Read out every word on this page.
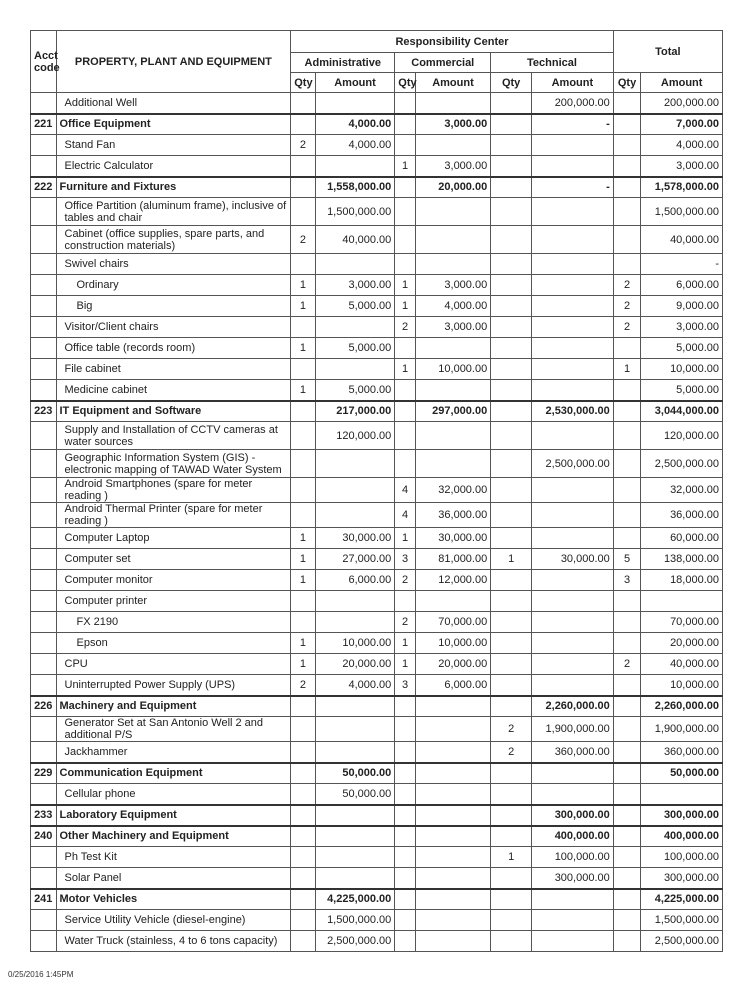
Acct code	PROPERTY, PLANT AND EQUIPMENT	Responsibility Center						Total	
		Administrative		Commercial		Technical			
		Qty	Amount	Qty	Amount	Qty	Amount	Qty	Amount
	Additional Well						200,000.00		200,000.00
221	Office Equipment		4,000.00		3,000.00		-		7,000.00
	Stand Fan	2	4,000.00						4,000.00
	Electric Calculator			1	3,000.00				3,000.00
222	Furniture and Fixtures		1,558,000.00		20,000.00		-		1,578,000.00
	Office Partition (aluminum frame), inclusive of tables and chair		1,500,000.00						1,500,000.00
	Cabinet (office supplies, spare parts, and construction materials)	2	40,000.00						40,000.00
	Swivel chairs								-
	Ordinary	1	3,000.00	1	3,000.00			2	6,000.00
	Big	1	5,000.00	1	4,000.00			2	9,000.00
	Visitor/Client chairs			2	3,000.00			2	3,000.00
	Office table (records room)	1	5,000.00						5,000.00
	File cabinet			1	10,000.00			1	10,000.00
	Medicine cabinet	1	5,000.00						5,000.00
223	IT Equipment and Software		217,000.00		297,000.00		2,530,000.00		3,044,000.00
	Supply and Installation of CCTV cameras at water sources		120,000.00						120,000.00
	Geographic Information System (GIS) - electronic mapping of TAWAD Water System						2,500,000.00		2,500,000.00
	Android Smartphones (spare for meter reading )			4	32,000.00				32,000.00
	Android Thermal Printer (spare for meter reading )			4	36,000.00				36,000.00
	Computer Laptop	1	30,000.00	1	30,000.00				60,000.00
	Computer set	1	27,000.00	3	81,000.00	1	30,000.00	5	138,000.00
	Computer monitor	1	6,000.00	2	12,000.00			3	18,000.00
	Computer printer								
	FX 2190			2	70,000.00				70,000.00
	Epson	1	10,000.00	1	10,000.00				20,000.00
	CPU	1	20,000.00	1	20,000.00			2	40,000.00
	Uninterrupted Power Supply (UPS)	2	4,000.00	3	6,000.00				10,000.00
226	Machinery and Equipment						2,260,000.00		2,260,000.00
	Generator Set at San Antonio Well 2 and additional P/S					2	1,900,000.00		1,900,000.00
	Jackhammer					2	360,000.00		360,000.00
229	Communication Equipment		50,000.00						50,000.00
	Cellular phone		50,000.00						
233	Laboratory Equipment						300,000.00		300,000.00
240	Other Machinery and Equipment						400,000.00		400,000.00
	Ph Test Kit					1	100,000.00		100,000.00
	Solar Panel						300,000.00		300,000.00
241	Motor Vehicles		4,225,000.00						4,225,000.00
	Service Utility Vehicle (diesel-engine)		1,500,000.00						1,500,000.00
	Water Truck (stainless, 4 to 6 tons capacity)		2,500,000.00						2,500,000.00
0/25/2016 1:45PM
